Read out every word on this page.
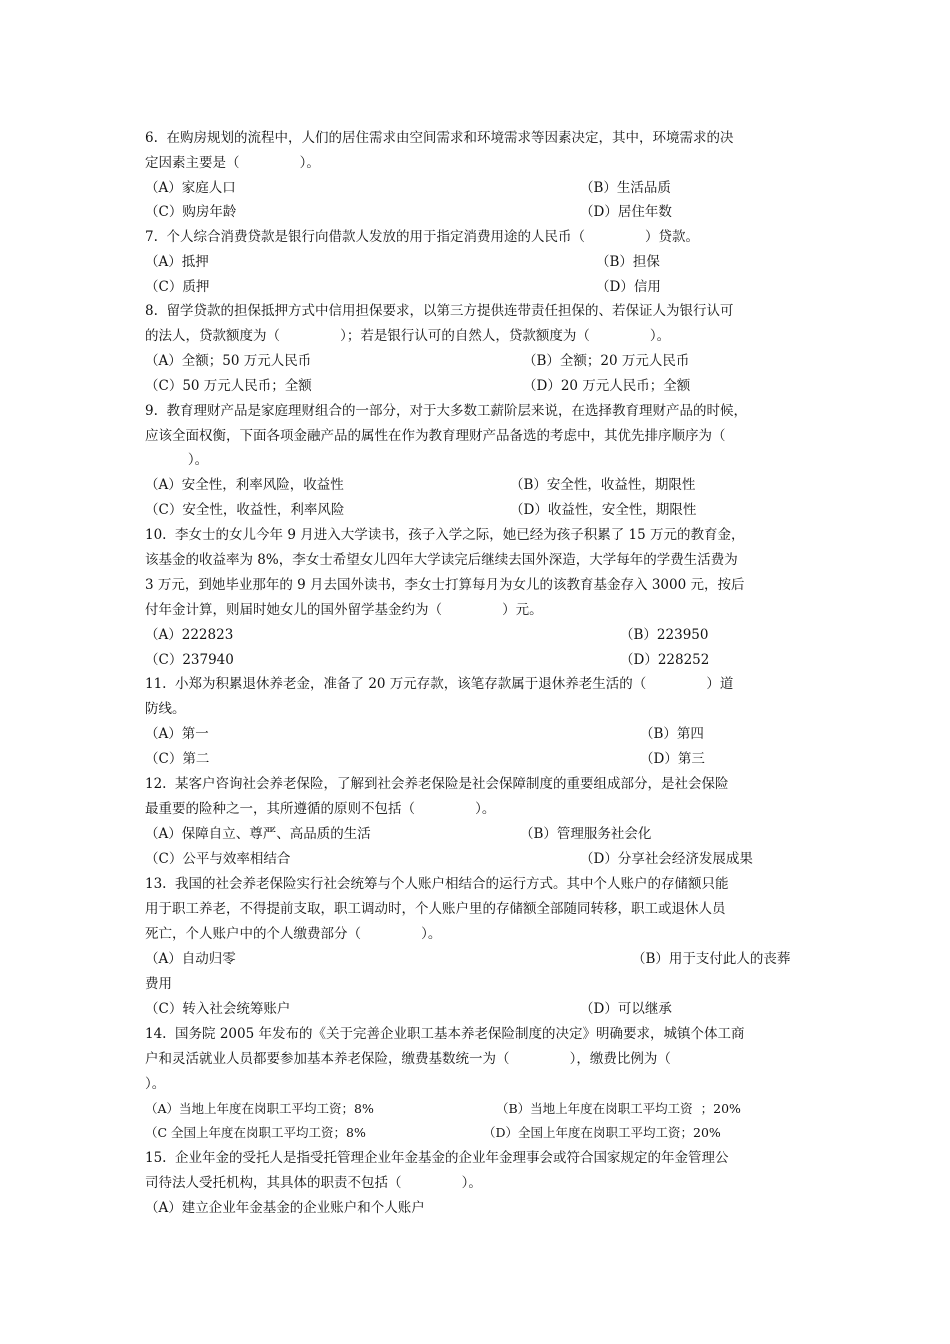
6.  在购房规划的流程中，人们的居住需求由空间需求和环境需求等因素决定，其中，环境需求的决
定因素主要是（              ）。
（A）家庭人口	（B）生活品质
（C）购房年龄	（D）居住年数
7.  个人综合消费贷款是银行向借款人发放的用于指定消费用途的人民币（              ）贷款。
（A）抵押	（B）担保
（C）质押	（D）信用
8.  留学贷款的担保抵押方式中信用担保要求，以第三方提供连带责任担保的、若保证人为银行认可
的法人，贷款额度为（              ）；若是银行认可的自然人，贷款额度为（              ）。
（A）全额；50 万元人民币	（B）全额；20 万元人民币
（C）50 万元人民币；全额	（D）20 万元人民币；全额
9.  教育理财产品是家庭理财组合的一部分，对于大多数工薪阶层来说，在选择教育理财产品的时候，
应该全面权衡，下面各项金融产品的属性在作为教育理财产品备选的考虑中，其优先排序顺序为（
）。
（A）安全性，利率风险，收益性	（B）安全性，收益性，期限性
（C）安全性，收益性，利率风险	（D）收益性，安全性，期限性
10.  李女士的女儿今年 9 月进入大学读书，孩子入学之际，她已经为孩子积累了 15 万元的教育金，
该基金的收益率为 8%，李女士希望女儿四年大学读完后继续去国外深造，大学每年的学费生活费为
3 万元，到她毕业那年的 9 月去国外读书，李女士打算每月为女儿的该教育基金存入 3000 元，按后
付年金计算，则届时她女儿的国外留学基金约为（              ）元。
（A）222823	（B）223950
（C）237940	（D）228252
11.  小郑为积累退休养老金，准备了 20 万元存款，该笔存款属于退休养老生活的（              ）道
防线。
（A）第一	（B）第四
（C）第二	（D）第三
12.  某客户咨询社会养老保险，了解到社会养老保险是社会保障制度的重要组成部分，是社会保险
最重要的险种之一，其所遵循的原则不包括（              ）。
（A）保障自立、尊严、高品质的生活	（B）管理服务社会化
（C）公平与效率相结合	（D）分享社会经济发展成果
13.  我国的社会养老保险实行社会统筹与个人账户相结合的运行方式。其中个人账户的存储额只能
用于职工养老，不得提前支取，职工调动时，个人账户里的存储额全部随同转移，职工或退休人员
死亡，个人账户中的个人缴费部分（              ）。
（A）自动归零	（B）用于支付此人的丧葬
费用
（C）转入社会统筹账户	（D）可以继承
14.  国务院 2005 年发布的《关于完善企业职工基本养老保险制度的决定》明确要求，城镇个体工商
户和灵活就业人员都要参加基本养老保险，缴费基数统一为（              ），缴费比例为（
）。
（A）当地上年度在岗职工平均工资；8%	（B）当地上年度在岗职工平均工资  ；20%
（C 全国上年度在岗职工平均工资；8%	（D）全国上年度在岗职工平均工资；20%
15.  企业年金的受托人是指受托管理企业年金基金的企业年金理事会或符合国家规定的年金管理公
司待法人受托机构，其具体的职责不包括（              ）。
（A）建立企业年金基金的企业账户和个人账户
